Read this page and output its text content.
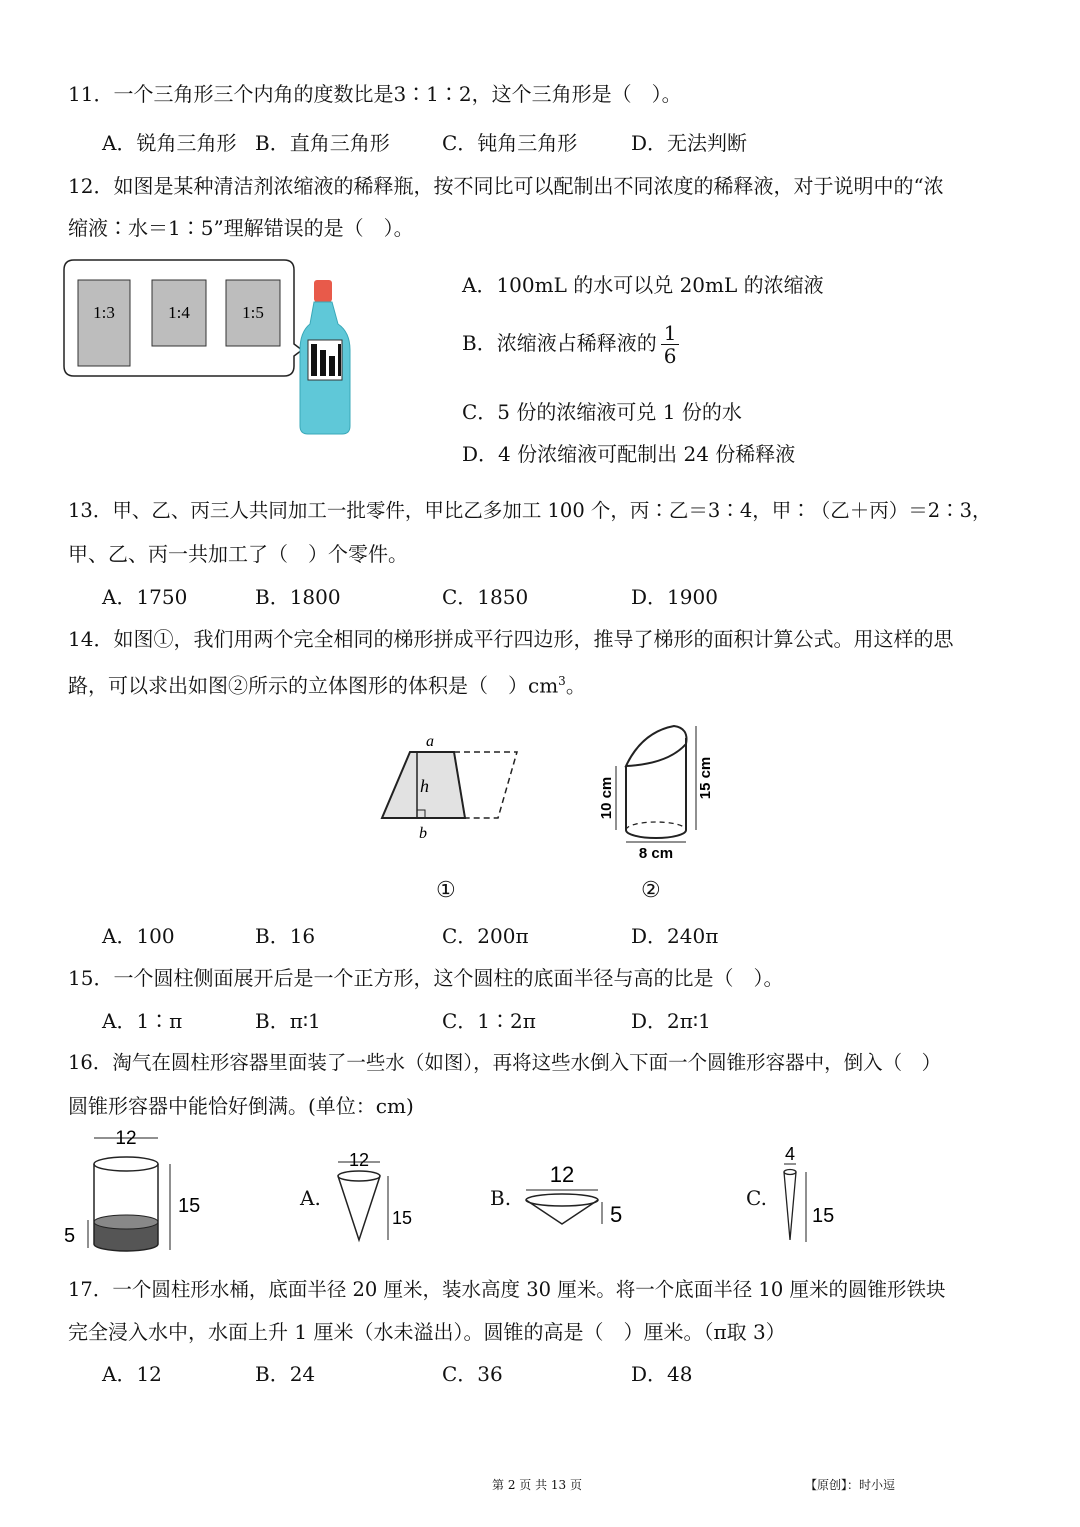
11．一个三角形三个内角的度数比是3∶1∶2，这个三角形是（　）。
A．锐角三角形 B．直角三角形	C．钝角三角形	D．无法判断
12．如图是某种清洁剂浓缩液的稀释瓶，按不同比可以配制出不同浓度的稀释液，对于说明中的“浓
缩液∶水＝1∶5”理解错误的是（　）。
1:3	1:4	1:5
A．100mL 的水可以兑 20mL 的浓缩液
B．浓缩液占稀释液的 $\frac{1}{6}$
C．5 份的浓缩液可兑 1 份的水
D．4 份浓缩液可配制出 24 份稀释液
13．甲、乙、丙三人共同加工一批零件，甲比乙多加工 100 个，丙∶乙＝3∶4，甲∶（乙＋丙）＝2∶3，
甲、乙、丙一共加工了（　）个零件。
A．1750	B．1800	C．1850	D．1900
14．如图①，我们用两个完全相同的梯形拼成平行四边形，推导了梯形的面积计算公式。用这样的思
路，可以求出如图②所示的立体图形的体积是（　）$cm^3$。
a
h
b
10 cm	15 cm
8 cm
①	②
A．100	B．16	C．200π	D．240π
15．一个圆柱侧面展开后是一个正方形，这个圆柱的底面半径与高的比是（　）。
A．1∶π	B．π∶1	C．1∶2π	D．2π∶1
16．淘气在圆柱形容器里面装了一些水（如图），再将这些水倒入下面一个圆锥形容器中，倒入（　）
圆锥形容器中能恰好倒满。(单位：cm)
12
15
5
A.
12
15
B.
12
5
C.
4
15
17．一个圆柱形水桶，底面半径 20 厘米，装水高度 30 厘米。将一个底面半径 10 厘米的圆锥形铁块
完全浸入水中，水面上升 1 厘米（水未溢出）。圆锥的高是（　）厘米。（π取 3）
A．12	B．24	C．36	D．48
第 2 页 共 13 页	【原创】：时小逗
